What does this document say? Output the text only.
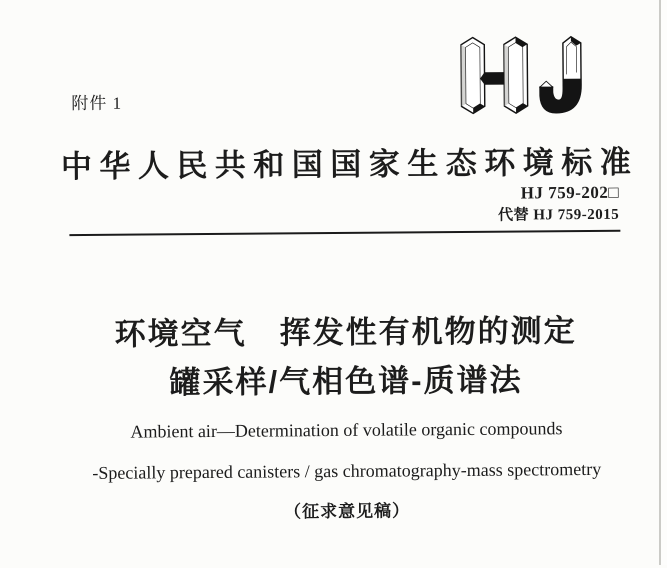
附件 1
中华人民共和国国家生态环境标准
HJ 759-202□
代替 HJ 759-2015
环境空气　挥发性有机物的测定
罐采样/气相色谱-质谱法

Ambient air—Determination of volatile organic compounds

-Specially prepared canisters / gas chromatography-mass spectrometry

（征求意见稿）
